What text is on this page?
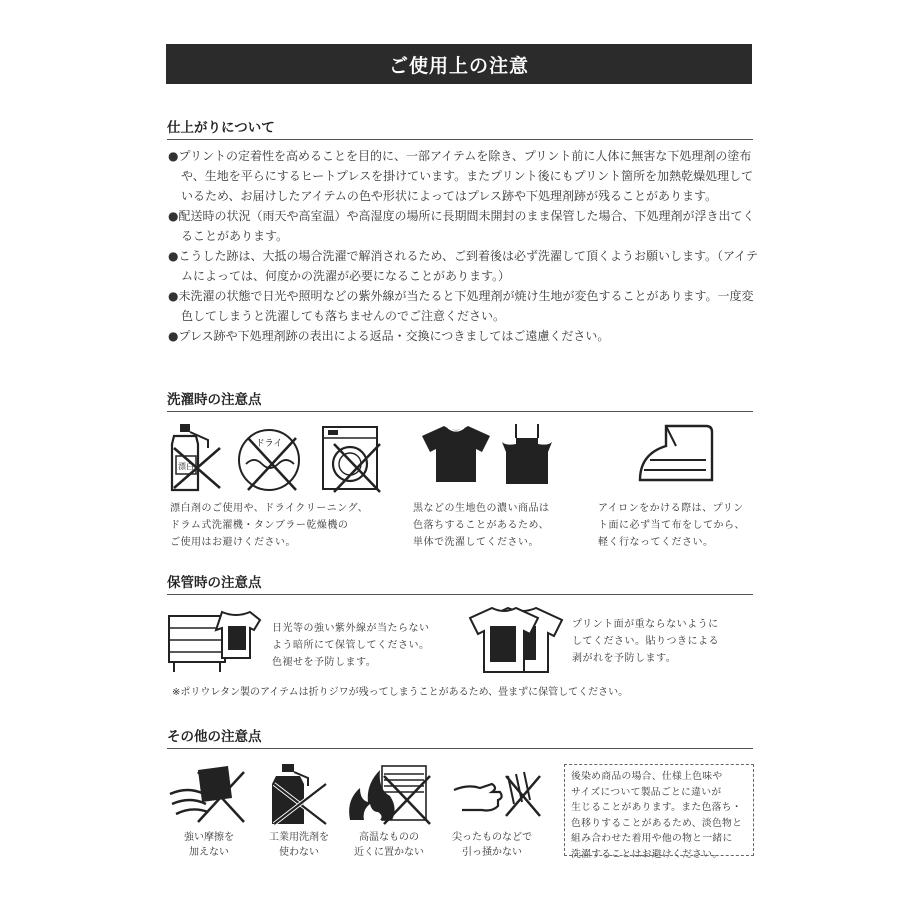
ご使用上の注意
仕上がりについて

●プリントの定着性を高めることを目的に、一部アイテムを除き、プリント前に人体に無害な下処理剤の塗布や、生地を平らにするヒートプレスを掛けています。またプリント後にもプリント箇所を加熱乾燥処理しているため、お届けしたアイテムの色や形状によってはプレス跡や下処理剤跡が残ることがあります。

●配送時の状況（雨天や高室温）や高湿度の場所に長期間未開封のまま保管した場合、下処理剤が浮き出てくることがあります。

●こうした跡は、大抵の場合洗濯で解消されるため、ご到着後は必ず洗濯して頂くようお願いします。（アイテムによっては、何度かの洗濯が必要になることがあります。）

●未洗濯の状態で日光や照明などの紫外線が当たると下処理剤が焼け生地が変色することがあります。一度変色してしまうと洗濯しても落ちませんのでご注意ください。

●プレス跡や下処理剤跡の表出による返品・交換につきましてはご遠慮ください。

洗濯時の注意点
漂白
ドライ
漂白剤のご使用や、ドライクリーニング、
ドラム式洗濯機・タンブラー乾燥機の
ご使用はお避けください。
黒などの生地色の濃い商品は
色落ちすることがあるため、
単体で洗濯してください。
アイロンをかける際は、プリン
ト面に必ず当て布をしてから、
軽く行なってください。
保管時の注意点
日光等の強い紫外線が当たらない
よう暗所にて保管してください。
色褪せを予防します。
プリント面が重ならないように
してください。貼りつきによる
剥がれを予防します。
※ポリウレタン製のアイテムは折りジワが残ってしまうことがあるため、畳まずに保管してください。
その他の注意点
強い摩擦を
加えない
工業用洗剤を
使わない
高温なものの
近くに置かない
尖ったものなどで
引っ掻かない
後染め商品の場合、仕様上色味や
サイズについて製品ごとに違いが
生じることがあります。また色落ち・
色移りすることがあるため、淡色物と
組み合わせた着用や他の物と一緒に
洗濯することはお避けください。
